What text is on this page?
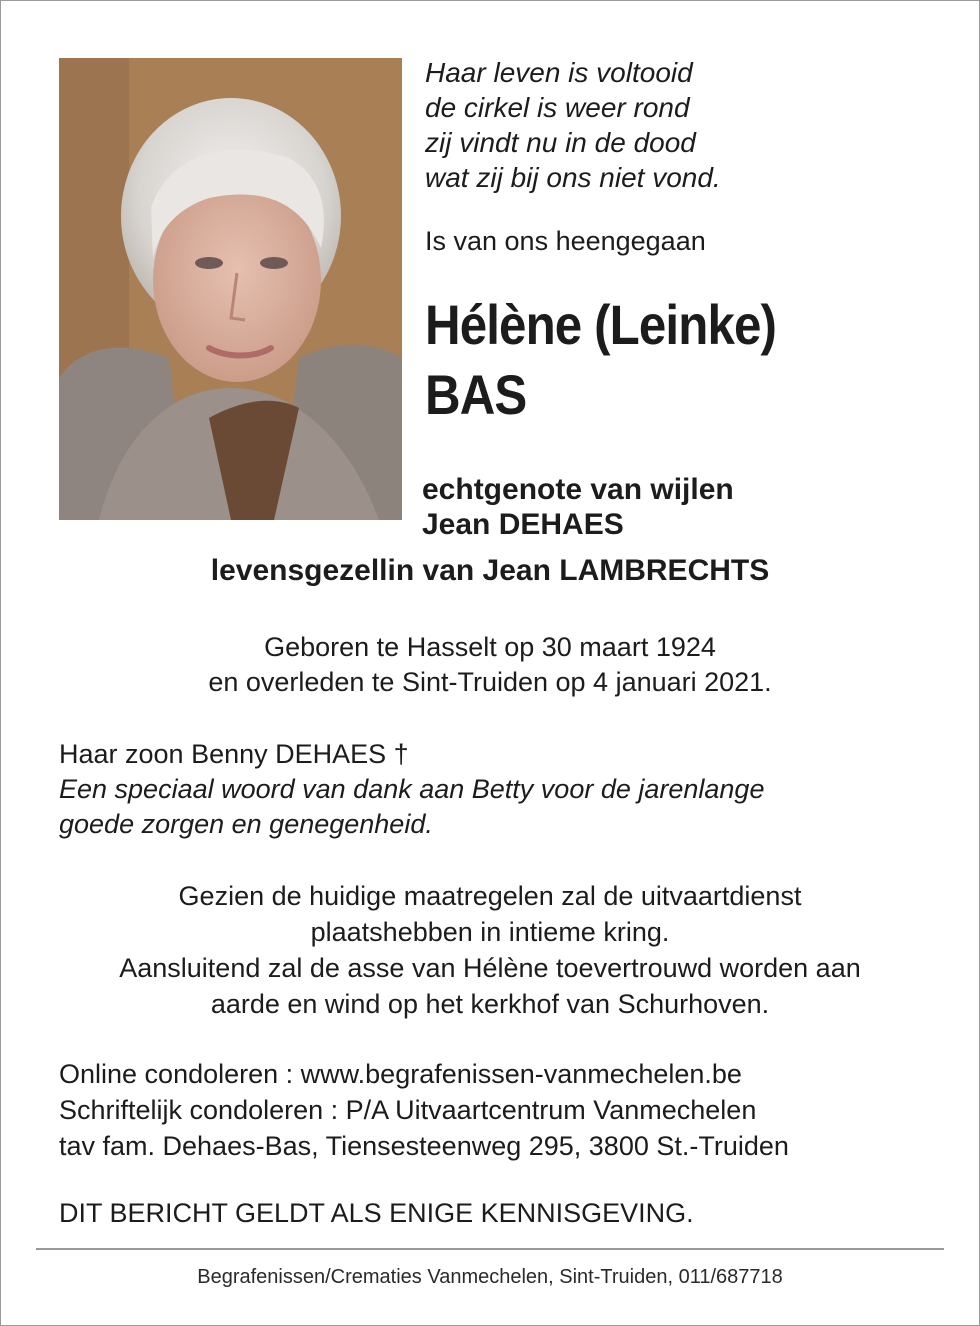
Haar leven is voltooid
de cirkel is weer rond
zij vindt nu in de dood
wat zij bij ons niet vond.
Is van ons heengegaan
Hélène (Leinke)
BAS
echtgenote van wijlen
Jean DEHAES
levensgezellin van Jean LAMBRECHTS
Geboren te Hasselt op 30 maart 1924
en overleden te Sint-Truiden op 4 januari 2021.
Haar zoon Benny DEHAES †
Een speciaal woord van dank aan Betty voor de jarenlange
goede zorgen en genegenheid.
Gezien de huidige maatregelen zal de uitvaartdienst
plaatshebben in intieme kring.
Aansluitend zal de asse van Hélène toevertrouwd worden aan
aarde en wind op het kerkhof van Schurhoven.
Online condoleren : www.begrafenissen-vanmechelen.be
Schriftelijk condoleren : P/A Uitvaartcentrum Vanmechelen
tav fam. Dehaes-Bas, Tiensesteenweg 295, 3800 St.-Truiden
DIT BERICHT GELDT ALS ENIGE KENNISGEVING.
Begrafenissen/Crematies Vanmechelen, Sint-Truiden, 011/687718
